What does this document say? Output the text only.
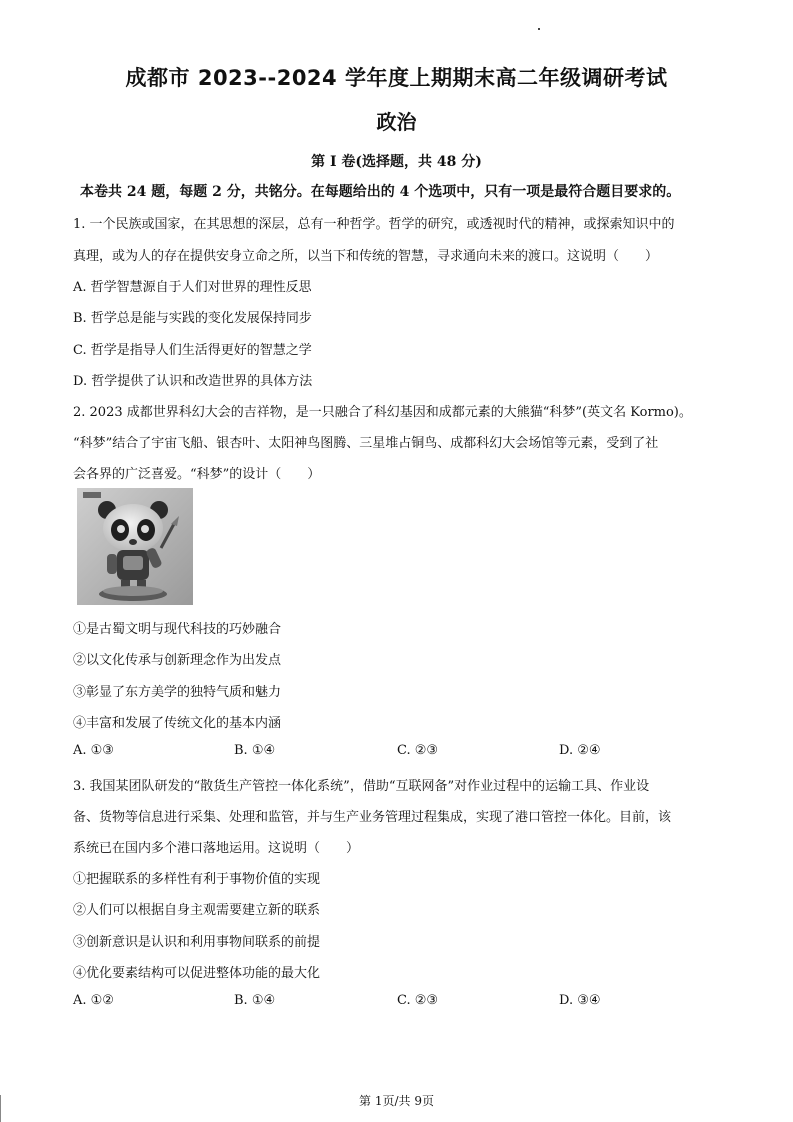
成都市 2023--2024 学年度上期期末高二年级调研考试
政治
第 I 卷(选择题，共 48 分)
本卷共 24 题，每题 2 分，共铭分。在每题给出的 4 个选项中，只有一项是最符合题目要求的。
1. 一个民族或国家，在其思想的深层，总有一种哲学。哲学的研究，或透视时代的精神，或探索知识中的
真理，或为人的存在提供安身立命之所，以当下和传统的智慧，寻求通向未来的渡口。这说明（　　）
A. 哲学智慧源自于人们对世界的理性反思
B. 哲学总是能与实践的变化发展保持同步
C. 哲学是指导人们生活得更好的智慧之学
D. 哲学提供了认识和改造世界的具体方法
2. 2023 成都世界科幻大会的吉祥物，是一只融合了科幻基因和成都元素的大熊猫“科梦”(英文名 Kormo)。
“科梦”结合了宇宙飞船、银杏叶、太阳神鸟图腾、三星堆占铜鸟、成都科幻大会场馆等元素，受到了社
会各界的广泛喜爱。“科梦”的设计（　　）
①是古蜀文明与现代科技的巧妙融合
②以文化传承与创新理念作为出发点
③彰显了东方美学的独特气质和魅力
④丰富和发展了传统文化的基本内涵
A. ①③	B. ①④	C. ②③	D. ②④
3. 我国某团队研发的“散货生产管控一体化系统”，借助“互联网备”对作业过程中的运输工具、作业设
备、货物等信息进行采集、处理和监管，并与生产业务管理过程集成，实现了港口管控一体化。目前，该
系统已在国内多个港口落地运用。这说明（　　）
①把握联系的多样性有利于事物价值的实现
②人们可以根据自身主观需要建立新的联系
③创新意识是认识和利用事物间联系的前提
④优化要素结构可以促进整体功能的最大化
A. ①②	B. ①④	C. ②③	D. ③④
第 1页/共 9页
